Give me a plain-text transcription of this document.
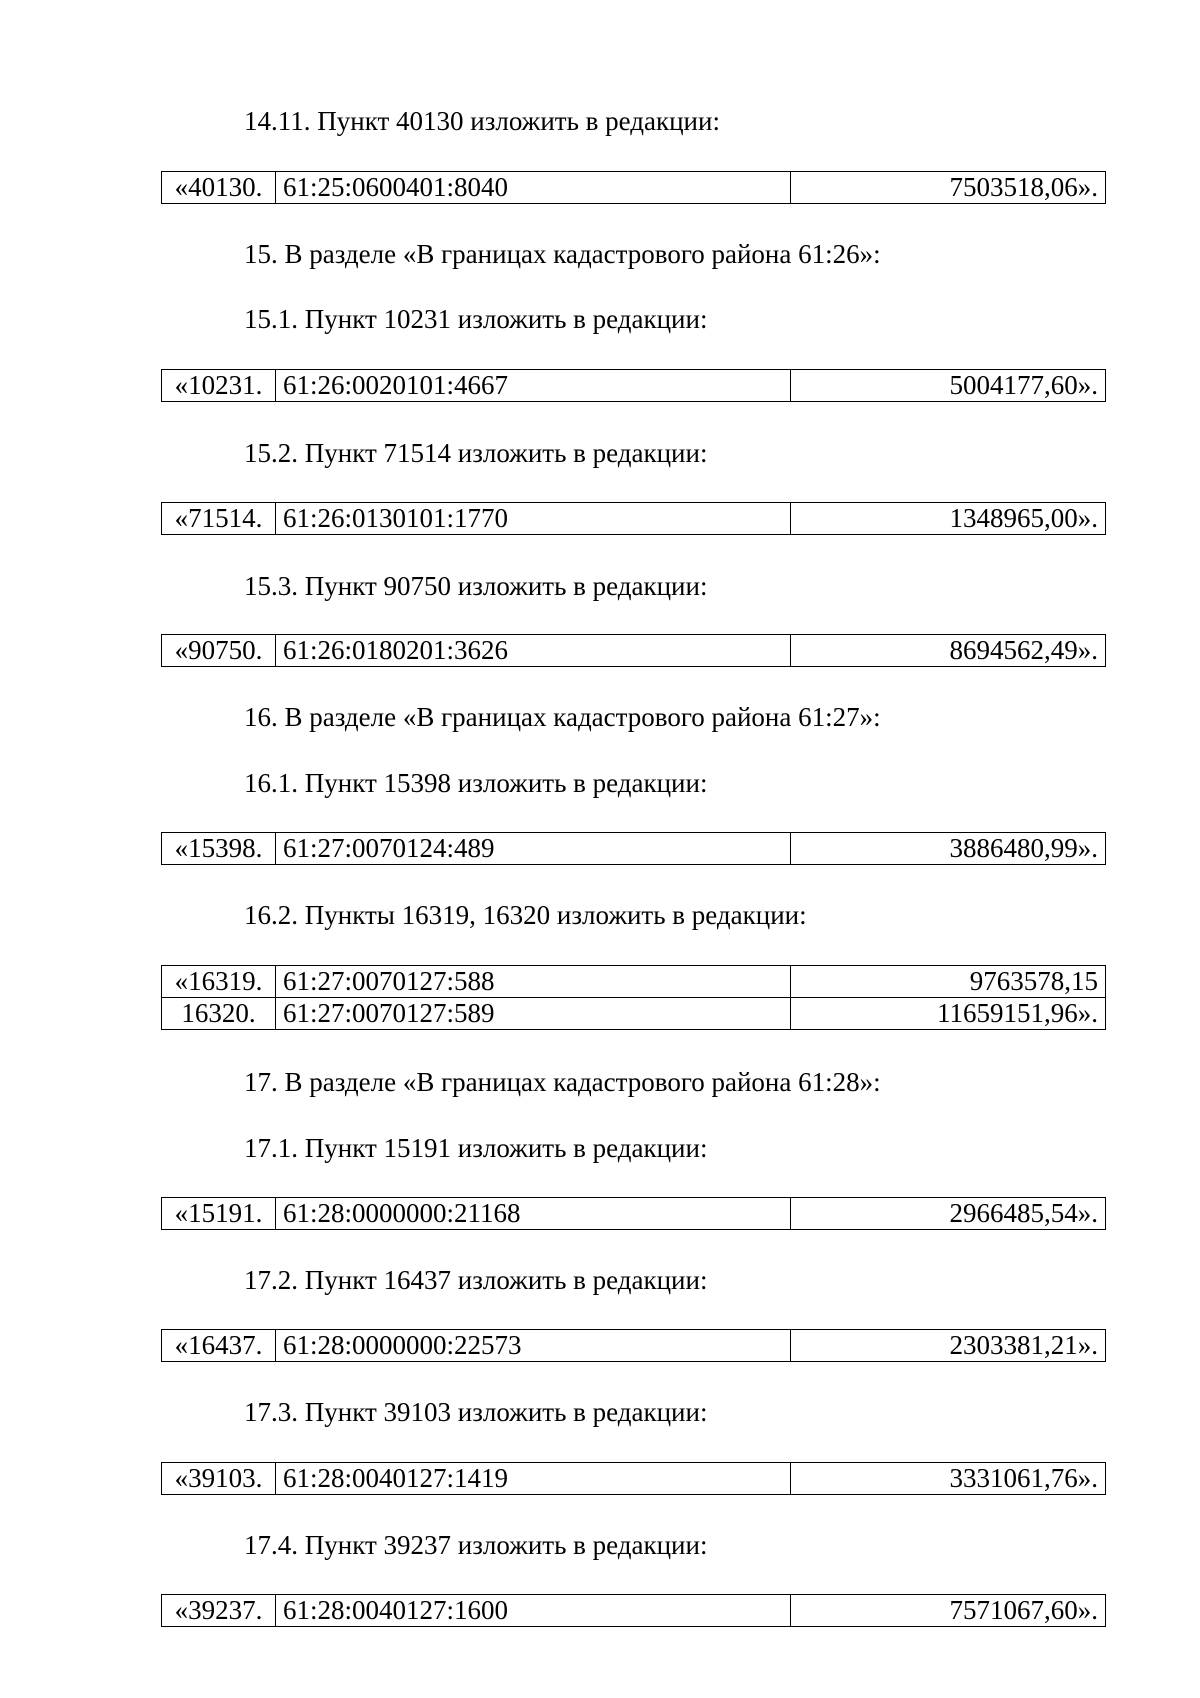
14.11. Пункт 40130 изложить в редакции:
«40130.	61:25:0600401:8040	7503518,06».
15. В разделе «В границах кадастрового района 61:26»:
15.1. Пункт 10231 изложить в редакции:
«10231.	61:26:0020101:4667	5004177,60».
15.2. Пункт 71514 изложить в редакции:
«71514.	61:26:0130101:1770	1348965,00».
15.3. Пункт 90750 изложить в редакции:
«90750.	61:26:0180201:3626	8694562,49».
16. В разделе «В границах кадастрового района 61:27»:
16.1. Пункт 15398 изложить в редакции:
«15398.	61:27:0070124:489	3886480,99».
16.2. Пункты 16319, 16320 изложить в редакции:
«16319.	61:27:0070127:588	9763578,15
16320.	61:27:0070127:589	11659151,96».
17. В разделе «В границах кадастрового района 61:28»:
17.1. Пункт 15191 изложить в редакции:
«15191.	61:28:0000000:21168	2966485,54».
17.2. Пункт 16437 изложить в редакции:
«16437.	61:28:0000000:22573	2303381,21».
17.3. Пункт 39103 изложить в редакции:
«39103.	61:28:0040127:1419	3331061,76».
17.4. Пункт 39237 изложить в редакции:
«39237.	61:28:0040127:1600	7571067,60».
